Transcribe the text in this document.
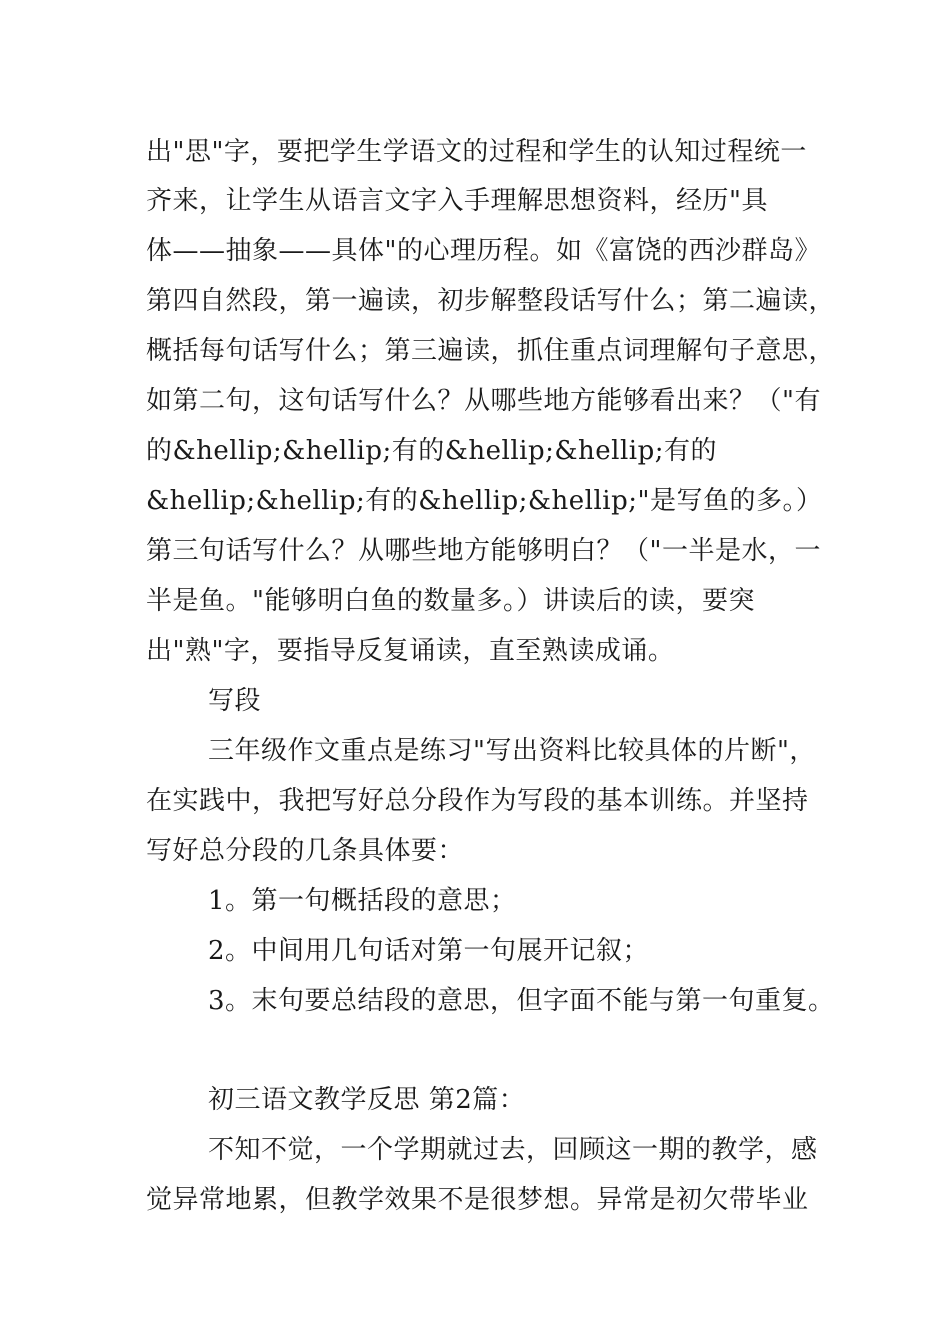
出"思"字，要把学生学语文的过程和学生的认知过程统一
齐来，让学生从语言文字入手理解思想资料，经历"具
体——抽象——具体"的心理历程。如《富饶的西沙群岛》
第四自然段，第一遍读，初步解整段话写什么；第二遍读，
概括每句话写什么；第三遍读，抓住重点词理解句子意思，
如第二句，这句话写什么？从哪些地方能够看出来？（"有
的&hellip;&hellip;有的&hellip;&hellip;有的
&hellip;&hellip;有的&hellip;&hellip;"是写鱼的多。）
第三句话写什么？从哪些地方能够明白？（"一半是水，一
半是鱼。"能够明白鱼的数量多。）讲读后的读，要突
出"熟"字，要指导反复诵读，直至熟读成诵。
写段
三年级作文重点是练习"写出资料比较具体的片断"，
在实践中，我把写好总分段作为写段的基本训练。并坚持
写好总分段的几条具体要：
1。第一句概括段的意思；
2。中间用几句话对第一句展开记叙；
3。末句要总结段的意思，但字面不能与第一句重复。
初三语文教学反思 第2篇：
不知不觉，一个学期就过去，回顾这一期的教学，感
觉异常地累，但教学效果不是很梦想。异常是初欠带毕业
